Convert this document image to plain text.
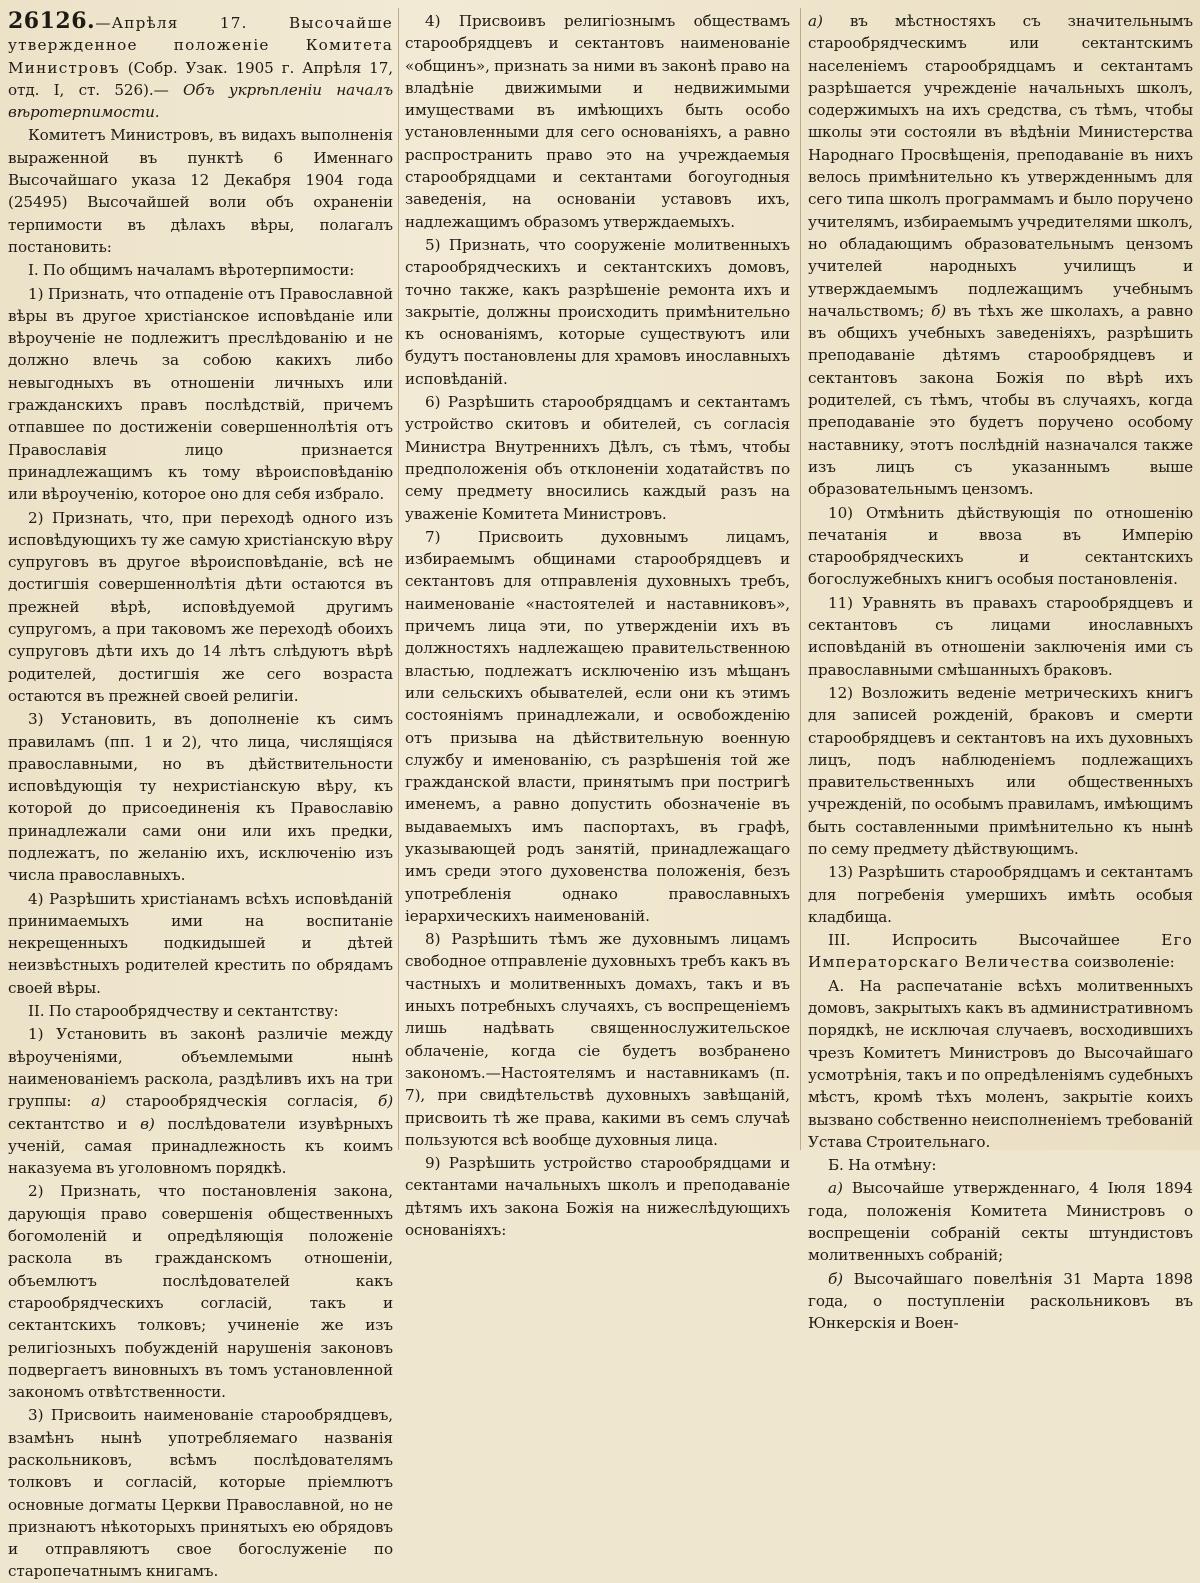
26126.—Апрѣля 17. Высочайше утвержденное положенiе Комитета Министровъ (Собр. Узак. 1905 г. Апрѣля 17, отд. I, ст. 526).— Объ укрѣпленiи началъ вѣротерпимости.

Комитетъ Министровъ, въ видахъ выполненiя выраженной въ пунктѣ 6 Именнаго Высочайшаго указа 12 Декабря 1904 года (25495) Высочайшей воли объ охраненiи терпимости въ дѣлахъ вѣры, полагалъ постановить:

I. По общимъ началамъ вѣротерпимости:

1) Признать, что отпаденiе отъ Православной вѣры въ другое христiанское исповѣданiе или вѣроученiе не подлежитъ преслѣдованiю и не должно влечь за собою какихъ либо невыгодныхъ въ отношенiи личныхъ или гражданскихъ правъ послѣдствiй, причемъ отпавшее по достиженiи совершеннолѣтiя отъ Православiя лицо признается принадлежащимъ къ тому вѣроисповѣданiю или вѣроученiю, которое оно для себя избрало.

2) Признать, что, при переходѣ одного изъ исповѣдующихъ ту же самую христiанскую вѣру супруговъ въ другое вѣроисповѣданiе, всѣ не достигшiя совершеннолѣтiя дѣти остаются въ прежней вѣрѣ, исповѣдуемой другимъ супругомъ, а при таковомъ же переходѣ обоихъ супруговъ дѣти ихъ до 14 лѣтъ слѣдуютъ вѣрѣ родителей, достигшiя же сего возраста остаются въ прежней своей религiи.

3) Установить, въ дополненiе къ симъ правиламъ (пп. 1 и 2), что лица, числящiяся православными, но въ дѣйствительности исповѣдующiя ту нехристiанскую вѣру, къ которой до присоединенiя къ Православiю принадлежали сами они или ихъ предки, подлежатъ, по желанiю ихъ, исключенiю изъ числа православныхъ.

4) Разрѣшить христiанамъ всѣхъ исповѣданiй принимаемыхъ ими на воспитанiе некрещенныхъ подкидышей и дѣтей неизвѣстныхъ родителей крестить по обрядамъ своей вѣры.

II. По старообрядчеству и сектантству:

1) Установить въ законѣ различiе между вѣроученiями, объемлемыми нынѣ наименованiемъ раскола, раздѣливъ ихъ на три группы: а) старообрядческiя согласiя, б) сектантство и в) послѣдователи изувѣрныхъ ученiй, самая принадлежность къ коимъ наказуема въ уголовномъ порядкѣ.

2) Признать, что постановленiя закона, дарующiя право совершенiя общественныхъ богомоленiй и опредѣляющiя положенiе раскола въ гражданскомъ отношенiи, объемлютъ послѣдователей какъ старообрядческихъ согласiй, такъ и сектантскихъ толковъ; учиненiе же изъ религiозныхъ побужденiй нарушенiя законовъ подвергаетъ виновныхъ въ томъ установленной закономъ отвѣтственности.

3) Присвоить наименованiе старообрядцевъ, взамѣнъ нынѣ употребляемаго названiя раскольниковъ, всѣмъ послѣдователямъ толковъ и согласiй, которые прiемлютъ основные догматы Церкви Православной, но не признаютъ нѣкоторыхъ принятыхъ ею обрядовъ и отправляютъ свое богослуженiе по старопечатнымъ книгамъ.

4) Присвоивъ религiознымъ обществамъ старообрядцевъ и сектантовъ наименованiе «общинъ», признать за ними въ законѣ право на владѣнiе движимыми и недвижимыми имуществами въ имѣющихъ быть особо установленными для сего основанiяхъ, а равно распространить право это на учреждаемыя старообрядцами и сектантами богоугодныя заведенiя, на основанiи уставовъ ихъ, надлежащимъ образомъ утверждаемыхъ.

5) Признать, что сооруженiе молитвенныхъ старообрядческихъ и сектантскихъ домовъ, точно также, какъ разрѣшенiе ремонта ихъ и закрытiе, должны происходить примѣнительно къ основанiямъ, которые существуютъ или будутъ постановлены для храмовъ инославныхъ исповѣданiй.

6) Разрѣшить старообрядцамъ и сектантамъ устройство скитовъ и обителей, съ согласiя Министра Внутреннихъ Дѣлъ, съ тѣмъ, чтобы предположенiя объ отклоненiи ходатайствъ по сему предмету вносились каждый разъ на уваженiе Комитета Министровъ.

7) Присвоить духовнымъ лицамъ, избираемымъ общинами старообрядцевъ и сектантовъ для отправленiя духовныхъ требъ, наименованiе «настоятелей и наставниковъ», причемъ лица эти, по утвержденiи ихъ въ должностяхъ надлежащею правительственною властью, подлежатъ исключенiю изъ мѣщанъ или сельскихъ обывателей, если они къ этимъ состоянiямъ принадлежали, и освобожденiю отъ призыва на дѣйствительную военную службу и именованiю, съ разрѣшенiя той же гражданской власти, принятымъ при постригѣ именемъ, а равно допустить обозначенiе въ выдаваемыхъ имъ паспортахъ, въ графѣ, указывающей родъ занятiй, принадлежащаго имъ среди этого духовенства положенiя, безъ употребленiя однако православныхъ iерархическихъ наименованiй.

8) Разрѣшить тѣмъ же духовнымъ лицамъ свободное отправленiе духовныхъ требъ какъ въ частныхъ и молитвенныхъ домахъ, такъ и въ иныхъ потребныхъ случаяхъ, съ воспрещенiемъ лишь надѣвать священнослужительское облаченiе, когда сiе будетъ возбранено закономъ.—Настоятелямъ и наставникамъ (п. 7), при свидѣтельствѣ духовныхъ завѣщанiй, присвоить тѣ же права, какими въ семъ случаѣ пользуются всѣ вообще духовныя лица.

9) Разрѣшить устройство старообрядцами и сектантами начальныхъ школъ и преподаванiе дѣтямъ ихъ закона Божiя на нижеслѣдующихъ основанiяхъ:

а) въ мѣстностяхъ съ значительнымъ старообрядческимъ или сектантскимъ населенiемъ старообрядцамъ и сектантамъ разрѣшается учрежденiе начальныхъ школъ, содержимыхъ на ихъ средства, съ тѣмъ, чтобы школы эти состояли въ вѣдѣнiи Министерства Народнаго Просвѣщенiя, преподаванiе въ нихъ велось примѣнительно къ утвержденнымъ для сего типа школъ программамъ и было поручено учителямъ, избираемымъ учредителями школъ, но обладающимъ образовательнымъ цензомъ учителей народныхъ училищъ и утверждаемымъ подлежащимъ учебнымъ начальствомъ; б) въ тѣхъ же школахъ, а равно въ общихъ учебныхъ заведенiяхъ, разрѣшить преподаванiе дѣтямъ старообрядцевъ и сектантовъ закона Божiя по вѣрѣ ихъ родителей, съ тѣмъ, чтобы въ случаяхъ, когда преподаванiе это будетъ поручено особому наставнику, этотъ послѣднiй назначался также изъ лицъ съ указаннымъ выше образовательнымъ цензомъ.

10) Отмѣнить дѣйствующiя по отношенiю печатанiя и ввоза въ Имперiю старообрядческихъ и сектантскихъ богослужебныхъ книгъ особыя постановленiя.

11) Уравнять въ правахъ старообрядцевъ и сектантовъ съ лицами инославныхъ исповѣданiй въ отношенiи заключенiя ими съ православными смѣшанныхъ браковъ.

12) Возложить веденiе метрическихъ книгъ для записей рожденiй, браковъ и смерти старообрядцевъ и сектантовъ на ихъ духовныхъ лицъ, подъ наблюденiемъ подлежащихъ правительственныхъ или общественныхъ учрежденiй, по особымъ правиламъ, имѣющимъ быть составленными примѣнительно къ нынѣ по сему предмету дѣйствующимъ.

13) Разрѣшить старообрядцамъ и сектантамъ для погребенiя умершихъ имѣть особыя кладбища.

III. Испросить Высочайшее	Его Императорскаго Величества соизволенiе:

А. На распечатанiе всѣхъ молитвенныхъ домовъ, закрытыхъ какъ въ административномъ порядкѣ, не исключая случаевъ, восходившихъ чрезъ Комитетъ Министровъ до Высочайшаго усмотрѣнiя, такъ и по опредѣленiямъ судебныхъ мѣстъ, кромѣ тѣхъ моленъ, закрытiе коихъ вызвано собственно неисполненiемъ требованiй Устава Строительнаго.

Б. На отмѣну:

а) Высочайше утвержденнаго, 4 Iюля 1894 года, положенiя Комитета Министровъ о воспрещенiи собранiй секты штундистовъ молитвенныхъ собранiй;

б) Высочайшаго повелѣнiя 31 Марта 1898 года, о поступленiи раскольниковъ въ Юнкерскiя и Воен-
